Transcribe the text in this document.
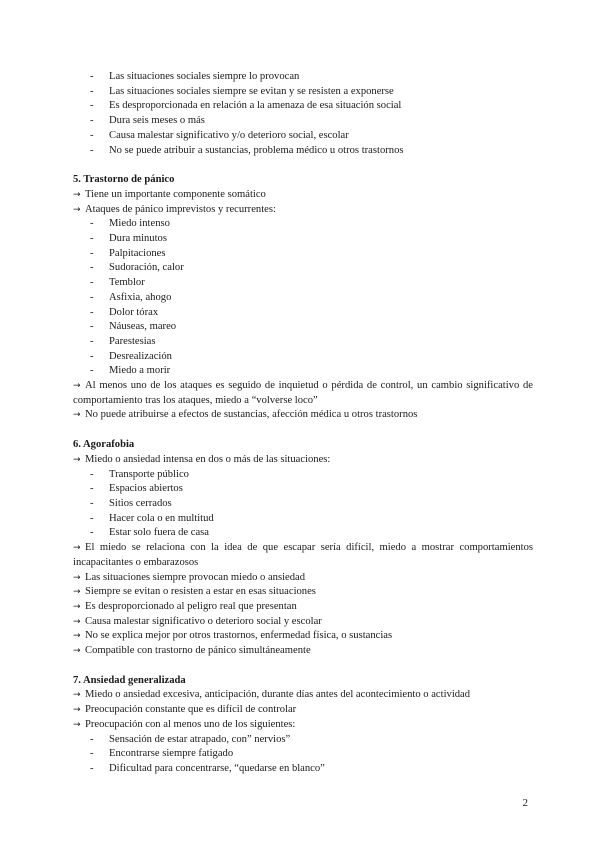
- Las situaciones sociales siempre lo provocan
- Las situaciones sociales siempre se evitan y se resisten a exponerse
- Es desproporcionada en relación a la amenaza de esa situación social
- Dura seis meses o más
- Causa malestar significativo y/o deterioro social, escolar
- No se puede atribuir a sustancias, problema médico u otros trastornos
5. Trastorno de pánico
→ Tiene un importante componente somático
→ Ataques de pánico imprevistos y recurrentes:
- Miedo intenso
- Dura minutos
- Palpitaciones
- Sudoración, calor
- Temblor
- Asfixia, ahogo
- Dolor tórax
- Náuseas, mareo
- Parestesias
- Desrealización
- Miedo a morir
→ Al menos uno de los ataques es seguido de inquietud o pérdida de control, un cambio significativo de comportamiento tras los ataques, miedo a “volverse loco”
→ No puede atribuirse a efectos de sustancias, afección médica u otros trastornos
6. Agorafobia
→ Miedo o ansiedad intensa en dos o más de las situaciones:
- Transporte público
- Espacios abiertos
- Sitios cerrados
- Hacer cola o en multitud
- Estar solo fuera de casa
→ El miedo se relaciona con la idea de que escapar sería difícil, miedo a mostrar comportamientos incapacitantes o embarazosos
→ Las situaciones siempre provocan miedo o ansiedad
→ Siempre se evitan o resisten a estar en esas situaciones
→ Es desproporcionado al peligro real que presentan
→ Causa malestar significativo o deterioro social y escolar
→ No se explica mejor por otros trastornos, enfermedad física, o sustancias
→ Compatible con trastorno de pánico simultáneamente
7. Ansiedad generalizada
→ Miedo o ansiedad excesiva, anticipación, durante días antes del acontecimiento o actividad
→ Preocupación constante que es difícil de controlar
→ Preocupación con al menos uno de los siguientes:
- Sensación de estar atrapado, con” nervios”
- Encontrarse siempre fatigado
- Dificultad para concentrarse, “quedarse en blanco”
2
